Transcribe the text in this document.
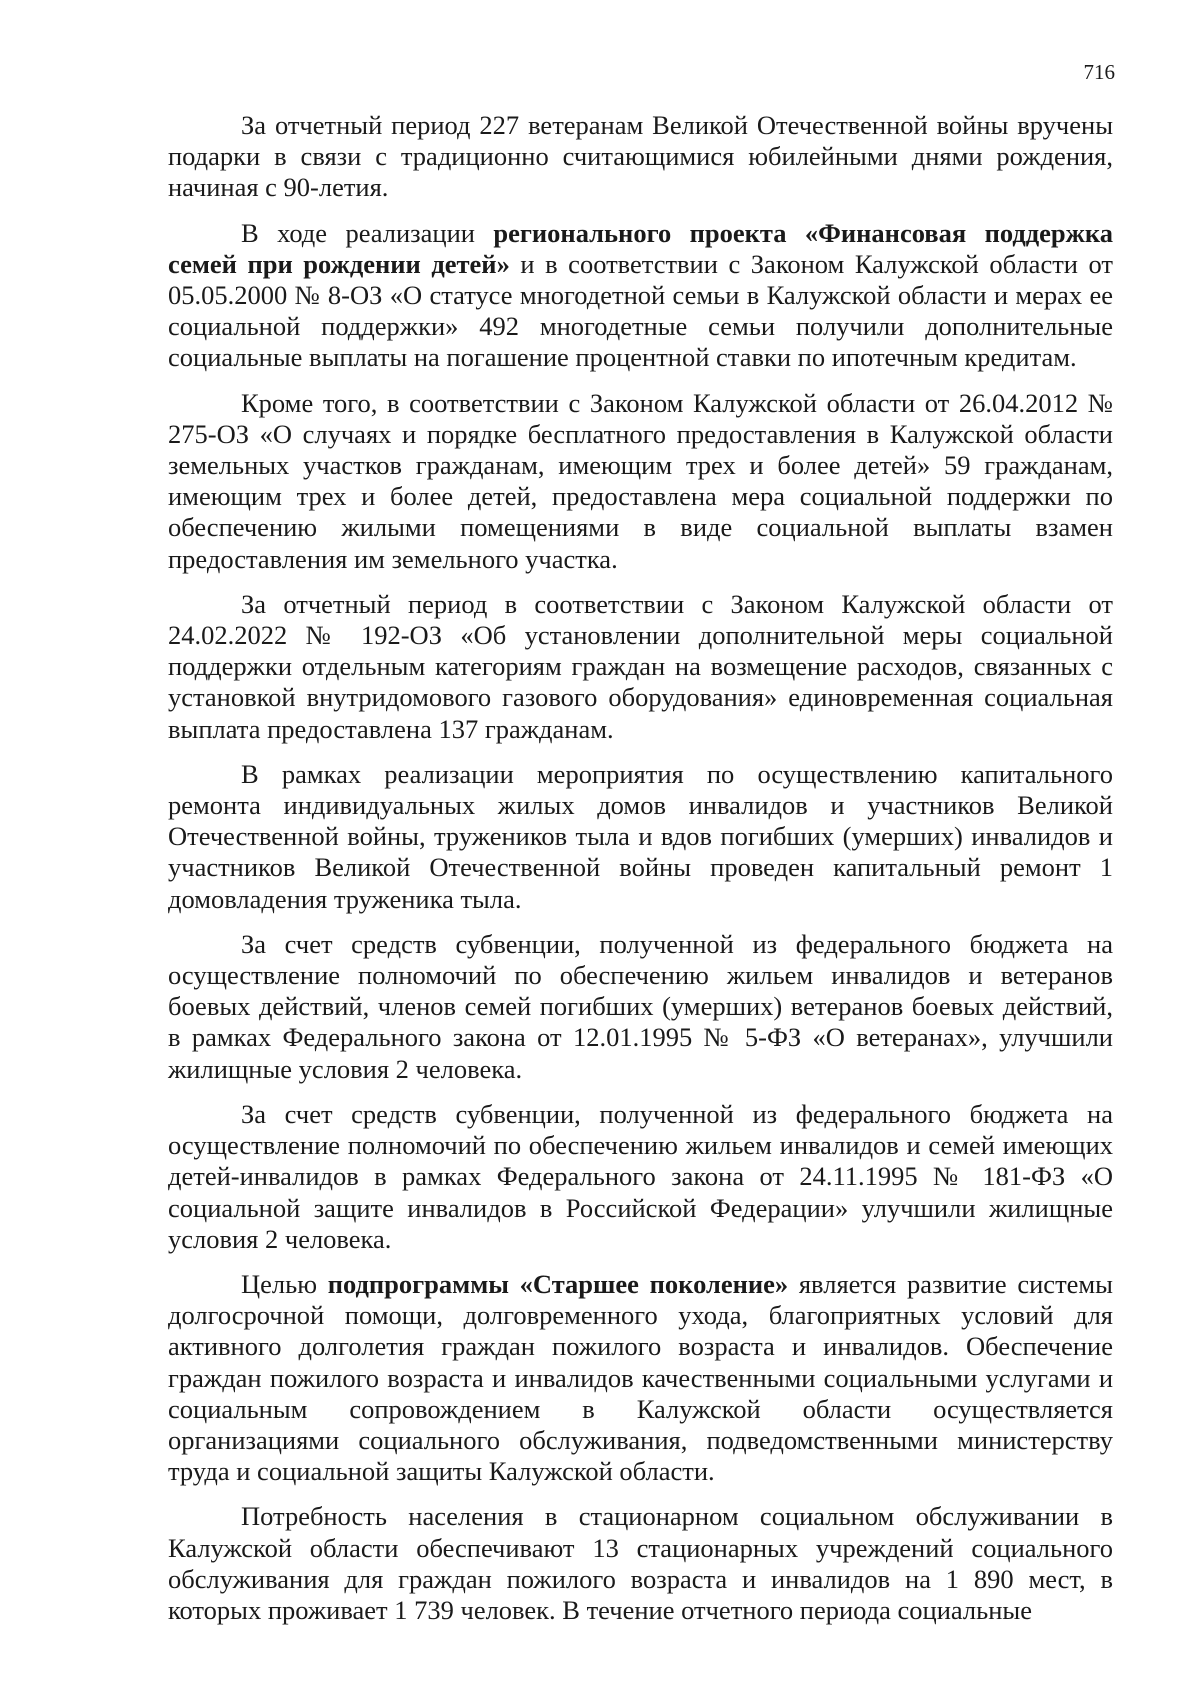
716

За отчетный период 227 ветеранам Великой Отечественной войны вручены подарки в связи с традиционно считающимися юбилейными днями рождения, начиная с 90-летия.

В ходе реализации регионального проекта «Финансовая поддержка семей при рождении детей» и в соответствии с Законом Калужской области от 05.05.2000 № 8-ОЗ «О статусе многодетной семьи в Калужской области и мерах ее социальной поддержки» 492 многодетные семьи получили дополнительные социальные выплаты на погашение процентной ставки по ипотечным кредитам.

Кроме того, в соответствии с Законом Калужской области от 26.04.2012 № 275-ОЗ «О случаях и порядке бесплатного предоставления в Калужской области земельных участков гражданам, имеющим трех и более детей» 59 гражданам, имеющим трех и более детей, предоставлена мера социальной поддержки по обеспечению жилыми помещениями в виде социальной выплаты взамен предоставления им земельного участка.

За отчетный период в соответствии с Законом Калужской области от 24.02.2022 № 192-ОЗ «Об установлении дополнительной меры социальной поддержки отдельным категориям граждан на возмещение расходов, связанных с установкой внутридомового газового оборудования» единовременная социальная выплата предоставлена 137 гражданам.

В рамках реализации мероприятия по осуществлению капитального ремонта индивидуальных жилых домов инвалидов и участников Великой Отечественной войны, тружеников тыла и вдов погибших (умерших) инвалидов и участников Великой Отечественной войны проведен капитальный ремонт 1 домовладения труженика тыла.

За счет средств субвенции, полученной из федерального бюджета на осуществление полномочий по обеспечению жильем инвалидов и ветеранов боевых действий, членов семей погибших (умерших) ветеранов боевых действий, в рамках Федерального закона от 12.01.1995 № 5-ФЗ «О ветеранах», улучшили жилищные условия 2 человека.

За счет средств субвенции, полученной из федерального бюджета на осуществление полномочий по обеспечению жильем инвалидов и семей имеющих детей-инвалидов в рамках Федерального закона от 24.11.1995 № 181-ФЗ «О социальной защите инвалидов в Российской Федерации» улучшили жилищные условия 2 человека.

Целью подпрограммы «Старшее поколение» является развитие системы долгосрочной помощи, долговременного ухода, благоприятных условий для активного долголетия граждан пожилого возраста и инвалидов. Обеспечение граждан пожилого возраста и инвалидов качественными социальными услугами и социальным сопровождением в Калужской области осуществляется организациями социального обслуживания, подведомственными министерству труда и социальной защиты Калужской области.

Потребность населения в стационарном социальном обслуживании в Калужской области обеспечивают 13 стационарных учреждений социального обслуживания для граждан пожилого возраста и инвалидов на 1 890 мест, в которых проживает 1 739 человек. В течение отчетного периода социальные
